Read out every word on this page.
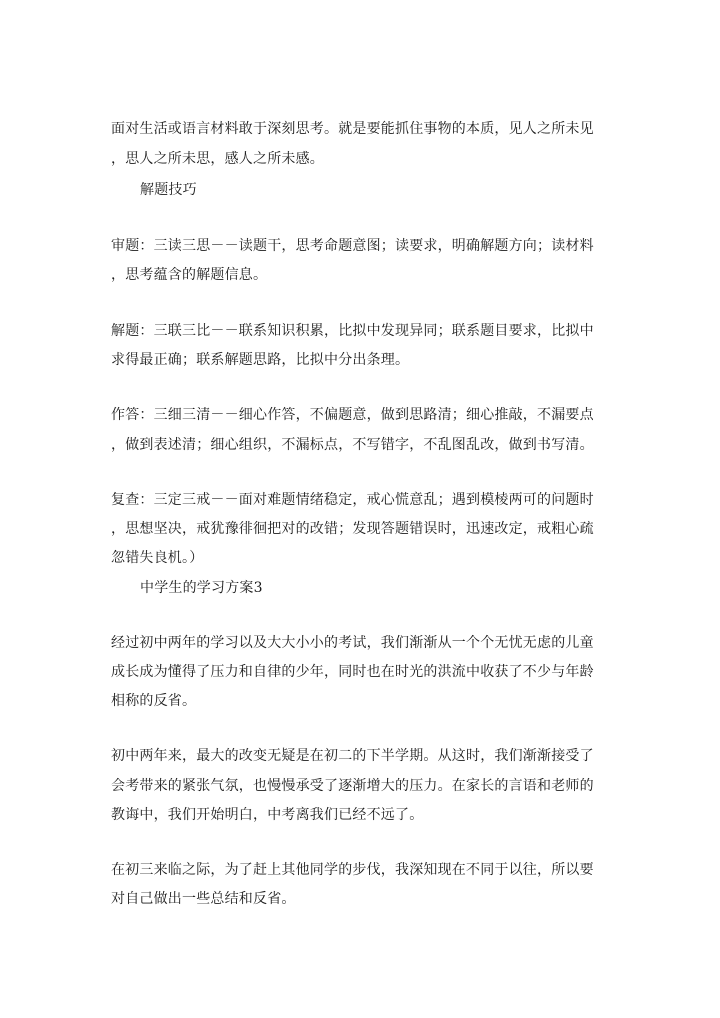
面对生活或语言材料敢于深刻思考。就是要能抓住事物的本质，见人之所未见
，思人之所未思，感人之所未感。
解题技巧
审题：三读三思－－读题干，思考命题意图；读要求，明确解题方向；读材料
，思考蕴含的解题信息。
解题：三联三比－－联系知识积累，比拟中发现异同；联系题目要求，比拟中
求得最正确；联系解题思路，比拟中分出条理。
作答：三细三清－－细心作答，不偏题意，做到思路清；细心推敲，不漏要点
，做到表述清；细心组织，不漏标点，不写错字，不乱图乱改，做到书写清。
复查：三定三戒－－面对难题情绪稳定，戒心慌意乱；遇到模棱两可的问题时
，思想坚决，戒犹豫徘徊把对的改错；发现答题错误时，迅速改定，戒粗心疏
忽错失良机。）
中学生的学习方案3
经过初中两年的学习以及大大小小的考试，我们渐渐从一个个无忧无虑的儿童
成长成为懂得了压力和自律的少年，同时也在时光的洪流中收获了不少与年龄
相称的反省。
初中两年来，最大的改变无疑是在初二的下半学期。从这时，我们渐渐接受了
会考带来的紧张气氛，也慢慢承受了逐渐增大的压力。在家长的言语和老师的
教诲中，我们开始明白，中考离我们已经不远了。
在初三来临之际，为了赶上其他同学的步伐，我深知现在不同于以往，所以要
对自己做出一些总结和反省。
